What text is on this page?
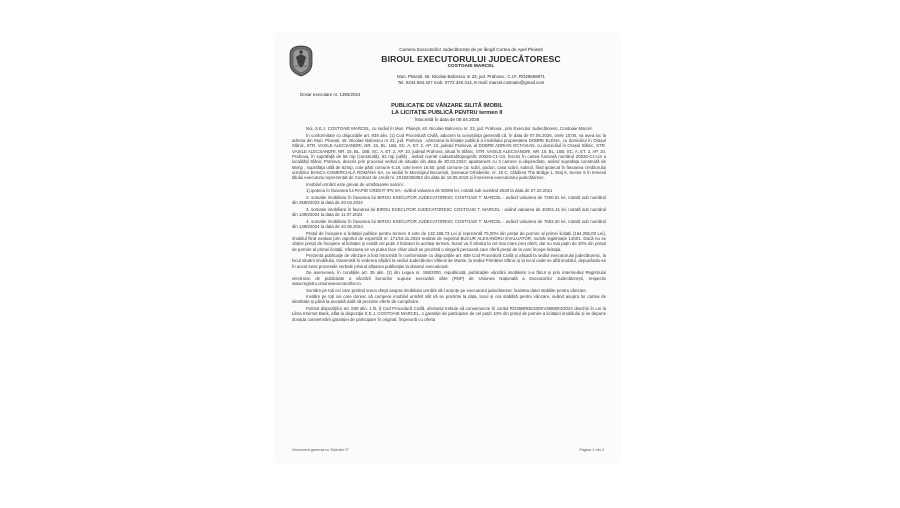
Camera Executorilor Judecătorești de pe lângă Curtea de Apel Ploiești
BIROUL EXECUTORULUI JUDECĂTORESC
COSTOAIE MARCEL
Mun. Ploiești, str. Nicolae Balcescu nr 23, jud. Prahova , C.I.F. RO28659971
Tel. 0244.594.327 mob. 0772.340.314, E-mail: marcel.costoaie@gmail.com
Dosar executare nr. 1390/2024
PUBLICAȚIE DE VÂNZARE SILITĂ IMOBIL
LA LICITAȚIE PUBLICĂ PENTRU termen II
întocmită în data de 09.04.2026

Noi, S.E.J. COSTOAIE MARCEL, cu sediul în Mun. Ploiești, str. Nicolae Balcescu nr. 23, jud. Prahova , prin Executor Judecătoresc, Costoaie Marcel.

În conformitate cu dispozițiile art. 838 alin. (1) Cod Procedură Civilă, aducem la cunoștința generală că, în data de 07.05.2026, orele 10:00, va avea loc la adresa din Mun. Ploiești, str. Nicolae Balcescu nr 23, jud. Prahova , vânzarea la licitație publică a imobilului proprietatea DOBRE ELENA, cu domiciliul în Orașul Slănic, STR. VASILE ALECSANDRI, NR. 15, BL. 16B, SC. A, ET. 2, AP. 10, județul Prahova, al DOBRE ADRIAN OCTAVIAN, cu domiciliul în Orașul Slănic, STR. VASILE ALECSANDRI, NR. 15, BL. 16B, SC. A, ET. 2, AP. 10, județul Prahova, situat în Slănic, STR. VASILE ALECSANDRI, NR. 15, BL. 16B, SC. A, ET. 2, AP. 10, Prahova, în suprafață de 56 mp (construită), 62 mp (utilă) , având număr cadastral/topografic 20026-C1-U3, înscris în cartea funciară numărul 20026-C1-U3 a localității Slănic Prahova, descris prin procesul verbal de situație din data de 30.03.2024: apartament cu 3 camere și dependințe, având suprafața construită de 56mp , suprafața utilă de 62mp, cote părți comune 6.18, cote teren 16.50, parți comune ca: scări, poduri, casa scării, subsol, fiind ipotecat în favoarea creditorului urmăritor BANCA COMERCIALĂ ROMÂNĂ SA, cu sediul în Municipiul București, Șoseaua Orhideelor, nr. 15 C, Clădirea The Bridge 1, Etaj 6, Sector 6 în temeiul titlului executoriu reprezentat de Contract de credit nr. 20182335352 din data de 16.05.2018 și înscrierea executorului judecătoresc.

Imobilul urmărit este grevat de următoarele sarcini:

1) ipoteca în favoarea lui RAPID CREDIT IFN SA - având valoarea de 60000 lei, notată sub numărul 2630 la data de 27.10.2021

2. somatie imobiliara în favoarea lui BIROU EXECUTOR JUDECATORESC COSTOAIE T. MARCEL - având valoarea de 7290.51 lei, notată sub numărul din 2580/2023 la data de 20.04.2024

3. somatie imobiliara în favoarea lui BIROU EXECUTOR JUDECATORESC COSTOAIE T. MARCEL - având valoarea de 40351.41 lei, notată sub numărul din 1390/2024 la data de 11.07.2024

4. somatie imobiliara în favoarea lui BIROU EXECUTOR JUDECATORESC COSTOAIE T. MARCEL - având valoarea de 7653.20 lei, notată sub numărul din 1390/2024 la data de 20.06.2024.

Prețul de începere a licitației publice pentru termen II este de 132.188,73 Lei și reprezintă 75,00% din prețul de pornire al primei licitații (164.255,00 Lei), imobilul fiind evaluat prin raportul de expertiză nr. 171/16.11.2024 realizat de expertul BUCUR ALEXANDRU EVALUATOR, număr legitimație 14001. Dacă nu se obține prețul de începere al licitației și există cel puțin 2 licitatori la același termen, bunul va fi vândut la cel mai mare preț oferit, dar nu mai puțin de 30% din prețul de pornire al primei licitații. Vânzarea se va putea face chiar dacă se prezintă o singură persoană care oferă prețul de la care începe licitația.

Prezenta publicație de vânzare a fost întocmită în conformitate cu dispozițiile art. 839 Cod Procedură Civilă și afișată la sediul executorului judecătoresc, la locul situării imobilului, transmisă în vederea afișării la sediul Judecătoriei Vălenii de Munte, la sediul Primăriei Slănic și la locul unde se află imobilul, depunându-se în acest sens procesele verbale privind afișarea publicației la dosarul executional.

De asemenea, în condițiile art. 35 alin. (2) din Legea nr. 188/2000, republicată, publicațiile vânzării imobilelor s-a făcut și prin intermediul Registrului electronic de publicitate a vânzării bunurilor supuse executării silite (RNP) de Uniunea Națională a Executorilor Judecătorești, respectiv www.registru.uniuneaexecutorilor.ro.

Somăm pe toți cei care pretind vreun drept asupra imobilului urmărit să-l anunțe pe executorul judecătoresc înaintea datei stabilite pentru vânzare.

Invităm pe toți cei care doresc să cumpere imobilul urmărit silit să se prezinte la data, locul și ora stabilită pentru vânzare, având asupra lor cartea de identitate și până la această dată să prezinte oferte de cumpărare.

Potrivit dispozițiilor art. 839 alin. 1 lit. l) Cod Procedură Civilă, ofertanții trebuie să consemneze în contul RO36BRDE300SV36880023024 deschis în Lei la Libra Internet Bank, aflat la dispoziția S.E.J. COSTOAIE MARCEL, o garanție de participare de cel puțin 10% din prețul de pornire a licitației imobilului și se depune dovada consemnării garanției de participare în original, împreună cu oferta

Document generat cu Solicitor IT	Pagina 1 din 2
